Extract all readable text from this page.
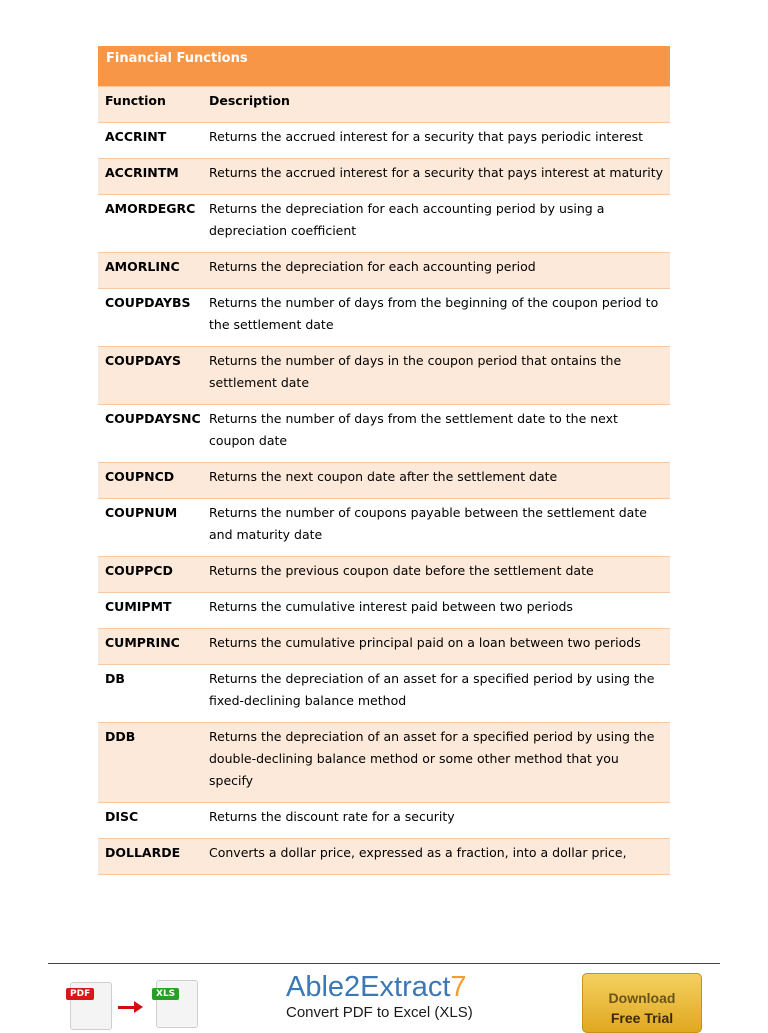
Financial Functions
Function	Description
ACCRINT	Returns the accrued interest for a security that pays periodic interest
ACCRINTM	Returns the accrued interest for a security that pays interest at maturity
AMORDEGRC	Returns the depreciation for each accounting period by using a depreciation coefficient
AMORLINC	Returns the depreciation for each accounting period
COUPDAYBS	Returns the number of days from the beginning of the coupon period to the settlement date
COUPDAYS	Returns the number of days in the coupon period that ontains the settlement date
COUPDAYSNC Returns the number of days from the settlement date to the next coupon date
COUPNCD	Returns the next coupon date after the settlement date
COUPNUM	Returns the number of coupons payable between the settlement date and maturity date
COUPPCD	Returns the previous coupon date before the settlement date
CUMIPMT	Returns the cumulative interest paid between two periods
CUMPRINC	Returns the cumulative principal paid on a loan between two periods
DB	Returns the depreciation of an asset for a specified period by using the fixed-declining balance method
DDB	Returns the depreciation of an asset for a specified period by using the double-declining balance method or some other method that you specify
DISC	Returns the discount rate for a security
DOLLARDE	Converts a dollar price, expressed as a fraction, into a dollar price,
PDF	XLS	Able2Extract7
Convert PDF to Excel (XLS)
Download
Free Trial
